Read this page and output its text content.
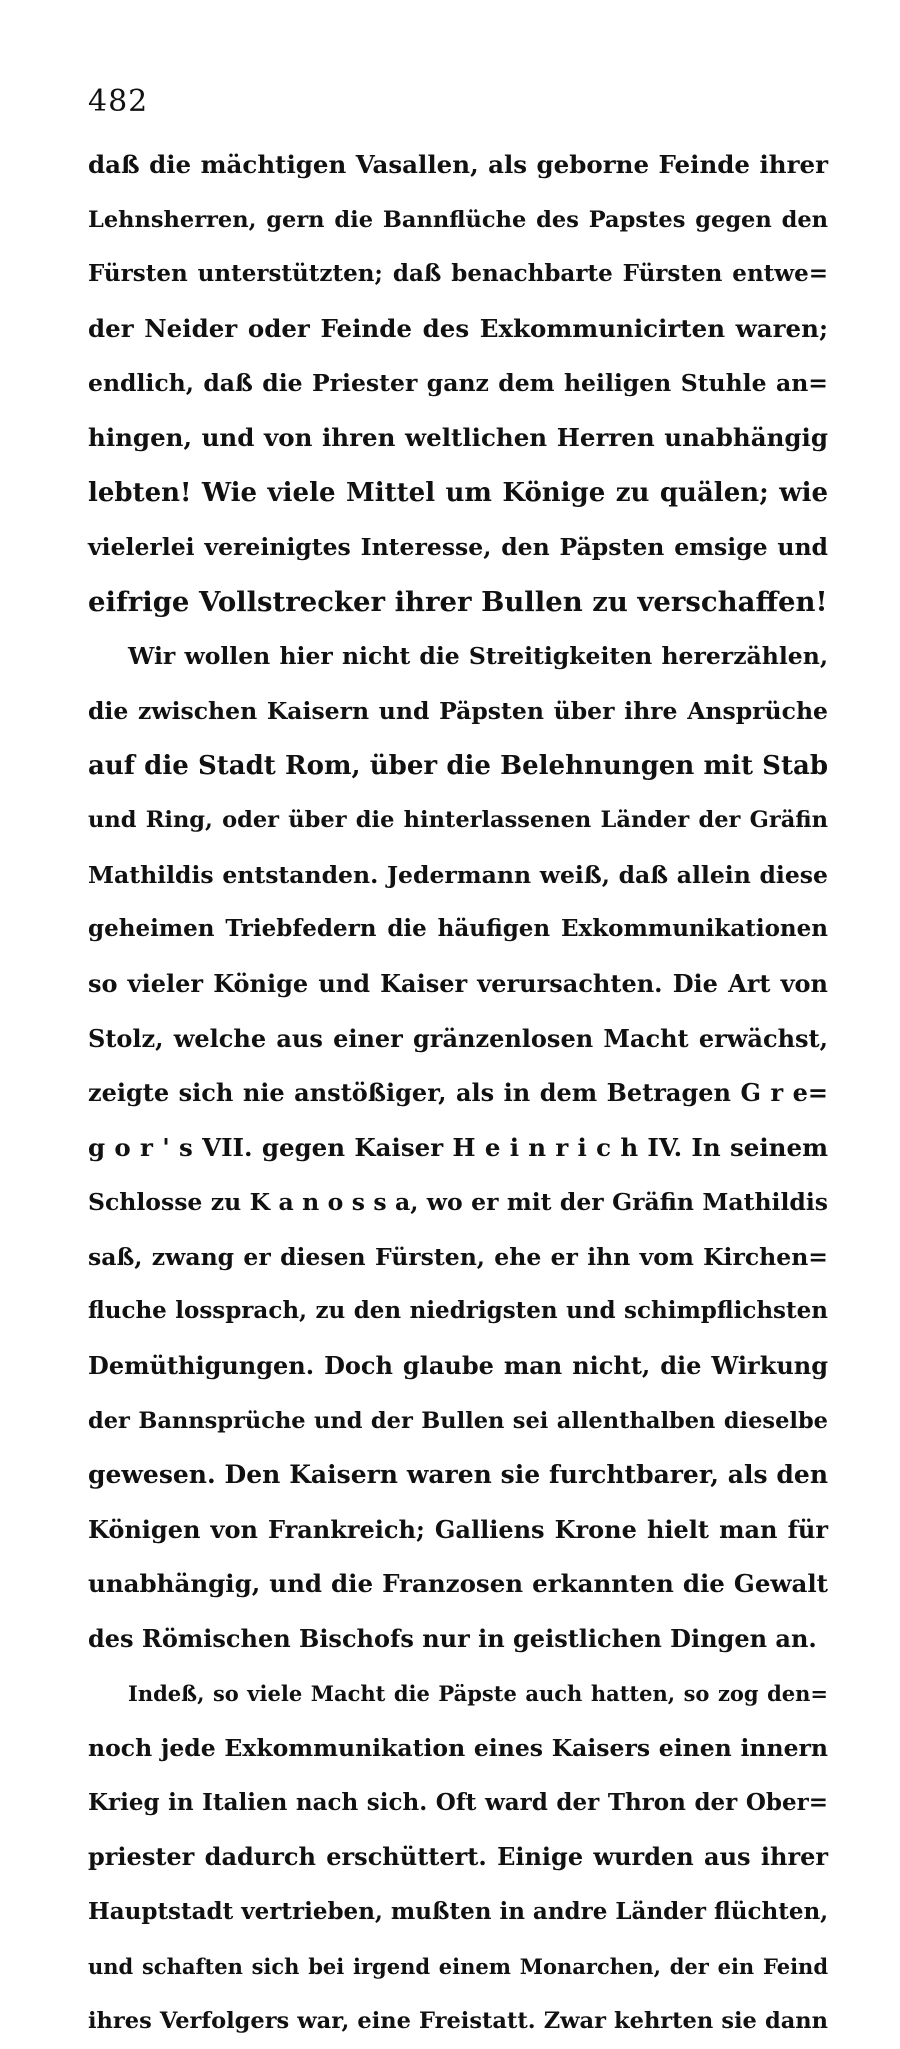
482
daß die mächtigen Vasallen, als geborne Feinde ihrer
Lehnsherren, gern die Bannflüche des Papstes gegen den
Fürsten unterstützten; daß benachbarte Fürsten entwe=
der Neider oder Feinde des Exkommunicirten waren;
endlich, daß die Priester ganz dem heiligen Stuhle an=
hingen, und von ihren weltlichen Herren unabhängig
lebten! Wie viele Mittel um Könige zu quälen; wie
vielerlei vereinigtes Interesse, den Päpsten emsige und
eifrige Vollstrecker ihrer Bullen zu verschaffen!
Wir wollen hier nicht die Streitigkeiten hererzählen,
die zwischen Kaisern und Päpsten über ihre Ansprüche
auf die Stadt Rom, über die Belehnungen mit Stab
und Ring, oder über die hinterlassenen Länder der Gräfin
Mathildis entstanden. Jedermann weiß, daß allein diese
geheimen Triebfedern die häufigen Exkommunikationen
so vieler Könige und Kaiser verursachten. Die Art von
Stolz, welche aus einer gränzenlosen Macht erwächst,
zeigte sich nie anstößiger, als in dem Betragen G r e=
g o r ' s VII. gegen Kaiser H e i n r i c h IV. In seinem
Schlosse zu K a n o s s a, wo er mit der Gräfin Mathildis
saß, zwang er diesen Fürsten, ehe er ihn vom Kirchen=
fluche lossprach, zu den niedrigsten und schimpflichsten
Demüthigungen. Doch glaube man nicht, die Wirkung
der Bannsprüche und der Bullen sei allenthalben dieselbe
gewesen. Den Kaisern waren sie furchtbarer, als den
Königen von Frankreich; Galliens Krone hielt man für
unabhängig, und die Franzosen erkannten die Gewalt
des Römischen Bischofs nur in geistlichen Dingen an.
Indeß, so viele Macht die Päpste auch hatten, so zog den=
noch jede Exkommunikation eines Kaisers einen innern
Krieg in Italien nach sich. Oft ward der Thron der Ober=
priester dadurch erschüttert. Einige wurden aus ihrer
Hauptstadt vertrieben, mußten in andre Länder flüchten,
und schaften sich bei irgend einem Monarchen, der ein Feind
ihres Verfolgers war, eine Freistatt. Zwar kehrten sie dann
